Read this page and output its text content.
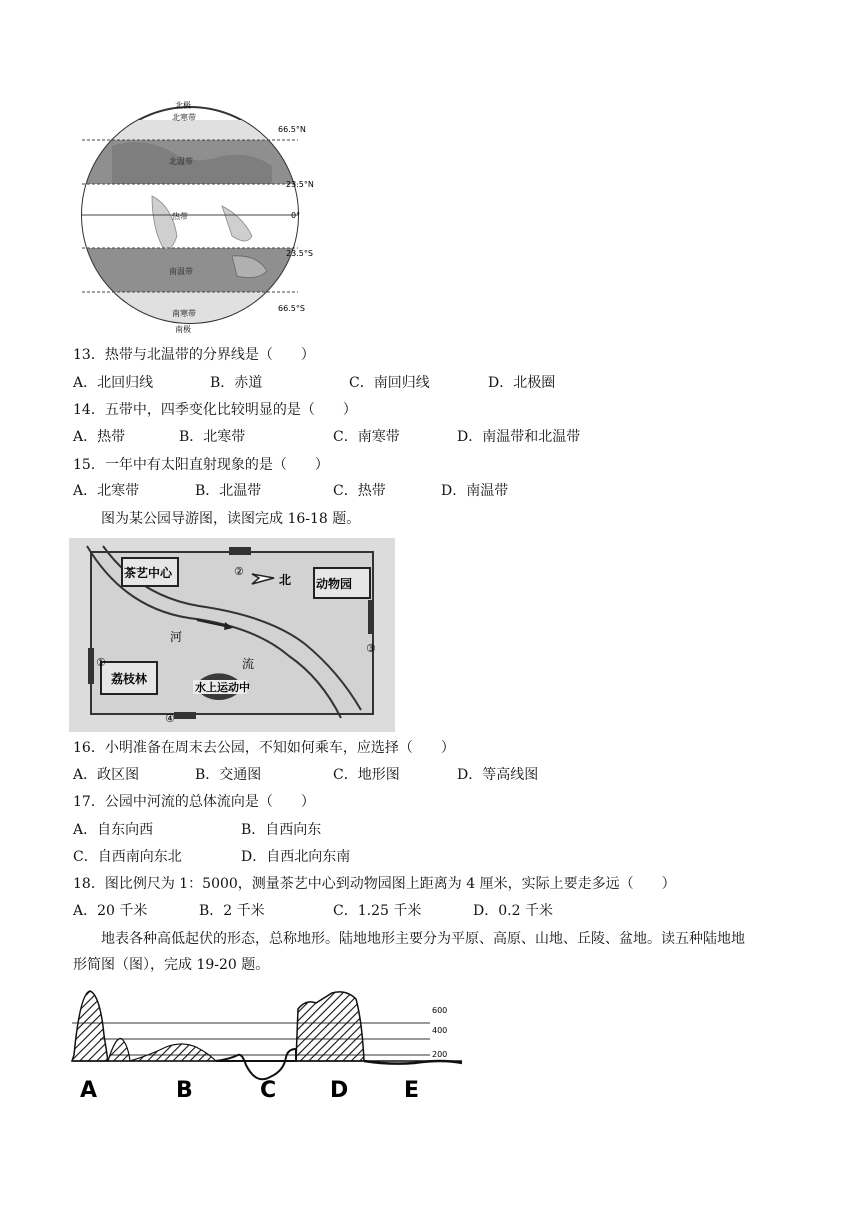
北极
北寒带
北温带
热带
南温带
南寒带
南极
66.5°N
23.5°N
0°
23.5°S
66.5°S
13．热带与北温带的分界线是（　　）
A．北回归线	B．赤道	C．南回归线	D．北极圈
14．五带中，四季变化比较明显的是（　　）
A．热带	B．北寒带	C．南寒带	D．南温带和北温带
15．一年中有太阳直射现象的是（　　）
A．北寒带	B．北温带	C．热带	D．南温带
图为某公园导游图，读图完成 16-18 题。
茶艺中心
动物园
荔枝林
水上运动中
北
河
流
②
③
①
④
16．小明准备在周末去公园，不知如何乘车，应选择（　　）
A．政区图	B．交通图	C．地形图	D．等高线图
17．公园中河流的总体流向是（　　）
A．自东向西	B．自西向东
C．自西南向东北	D．自西北向东南
18．图比例尺为 1：5000，测量茶艺中心到动物园图上距离为 4 厘米，实际上要走多远（　　）
A．20 千米	B．2 千米	C．1.25 千米	D．0.2 千米
地表各种高低起伏的形态，总称地形。陆地地形主要分为平原、高原、山地、丘陵、盆地。读五种陆地地
形简图（图），完成 19-20 题。
600
400
200
A	B	C D	E
